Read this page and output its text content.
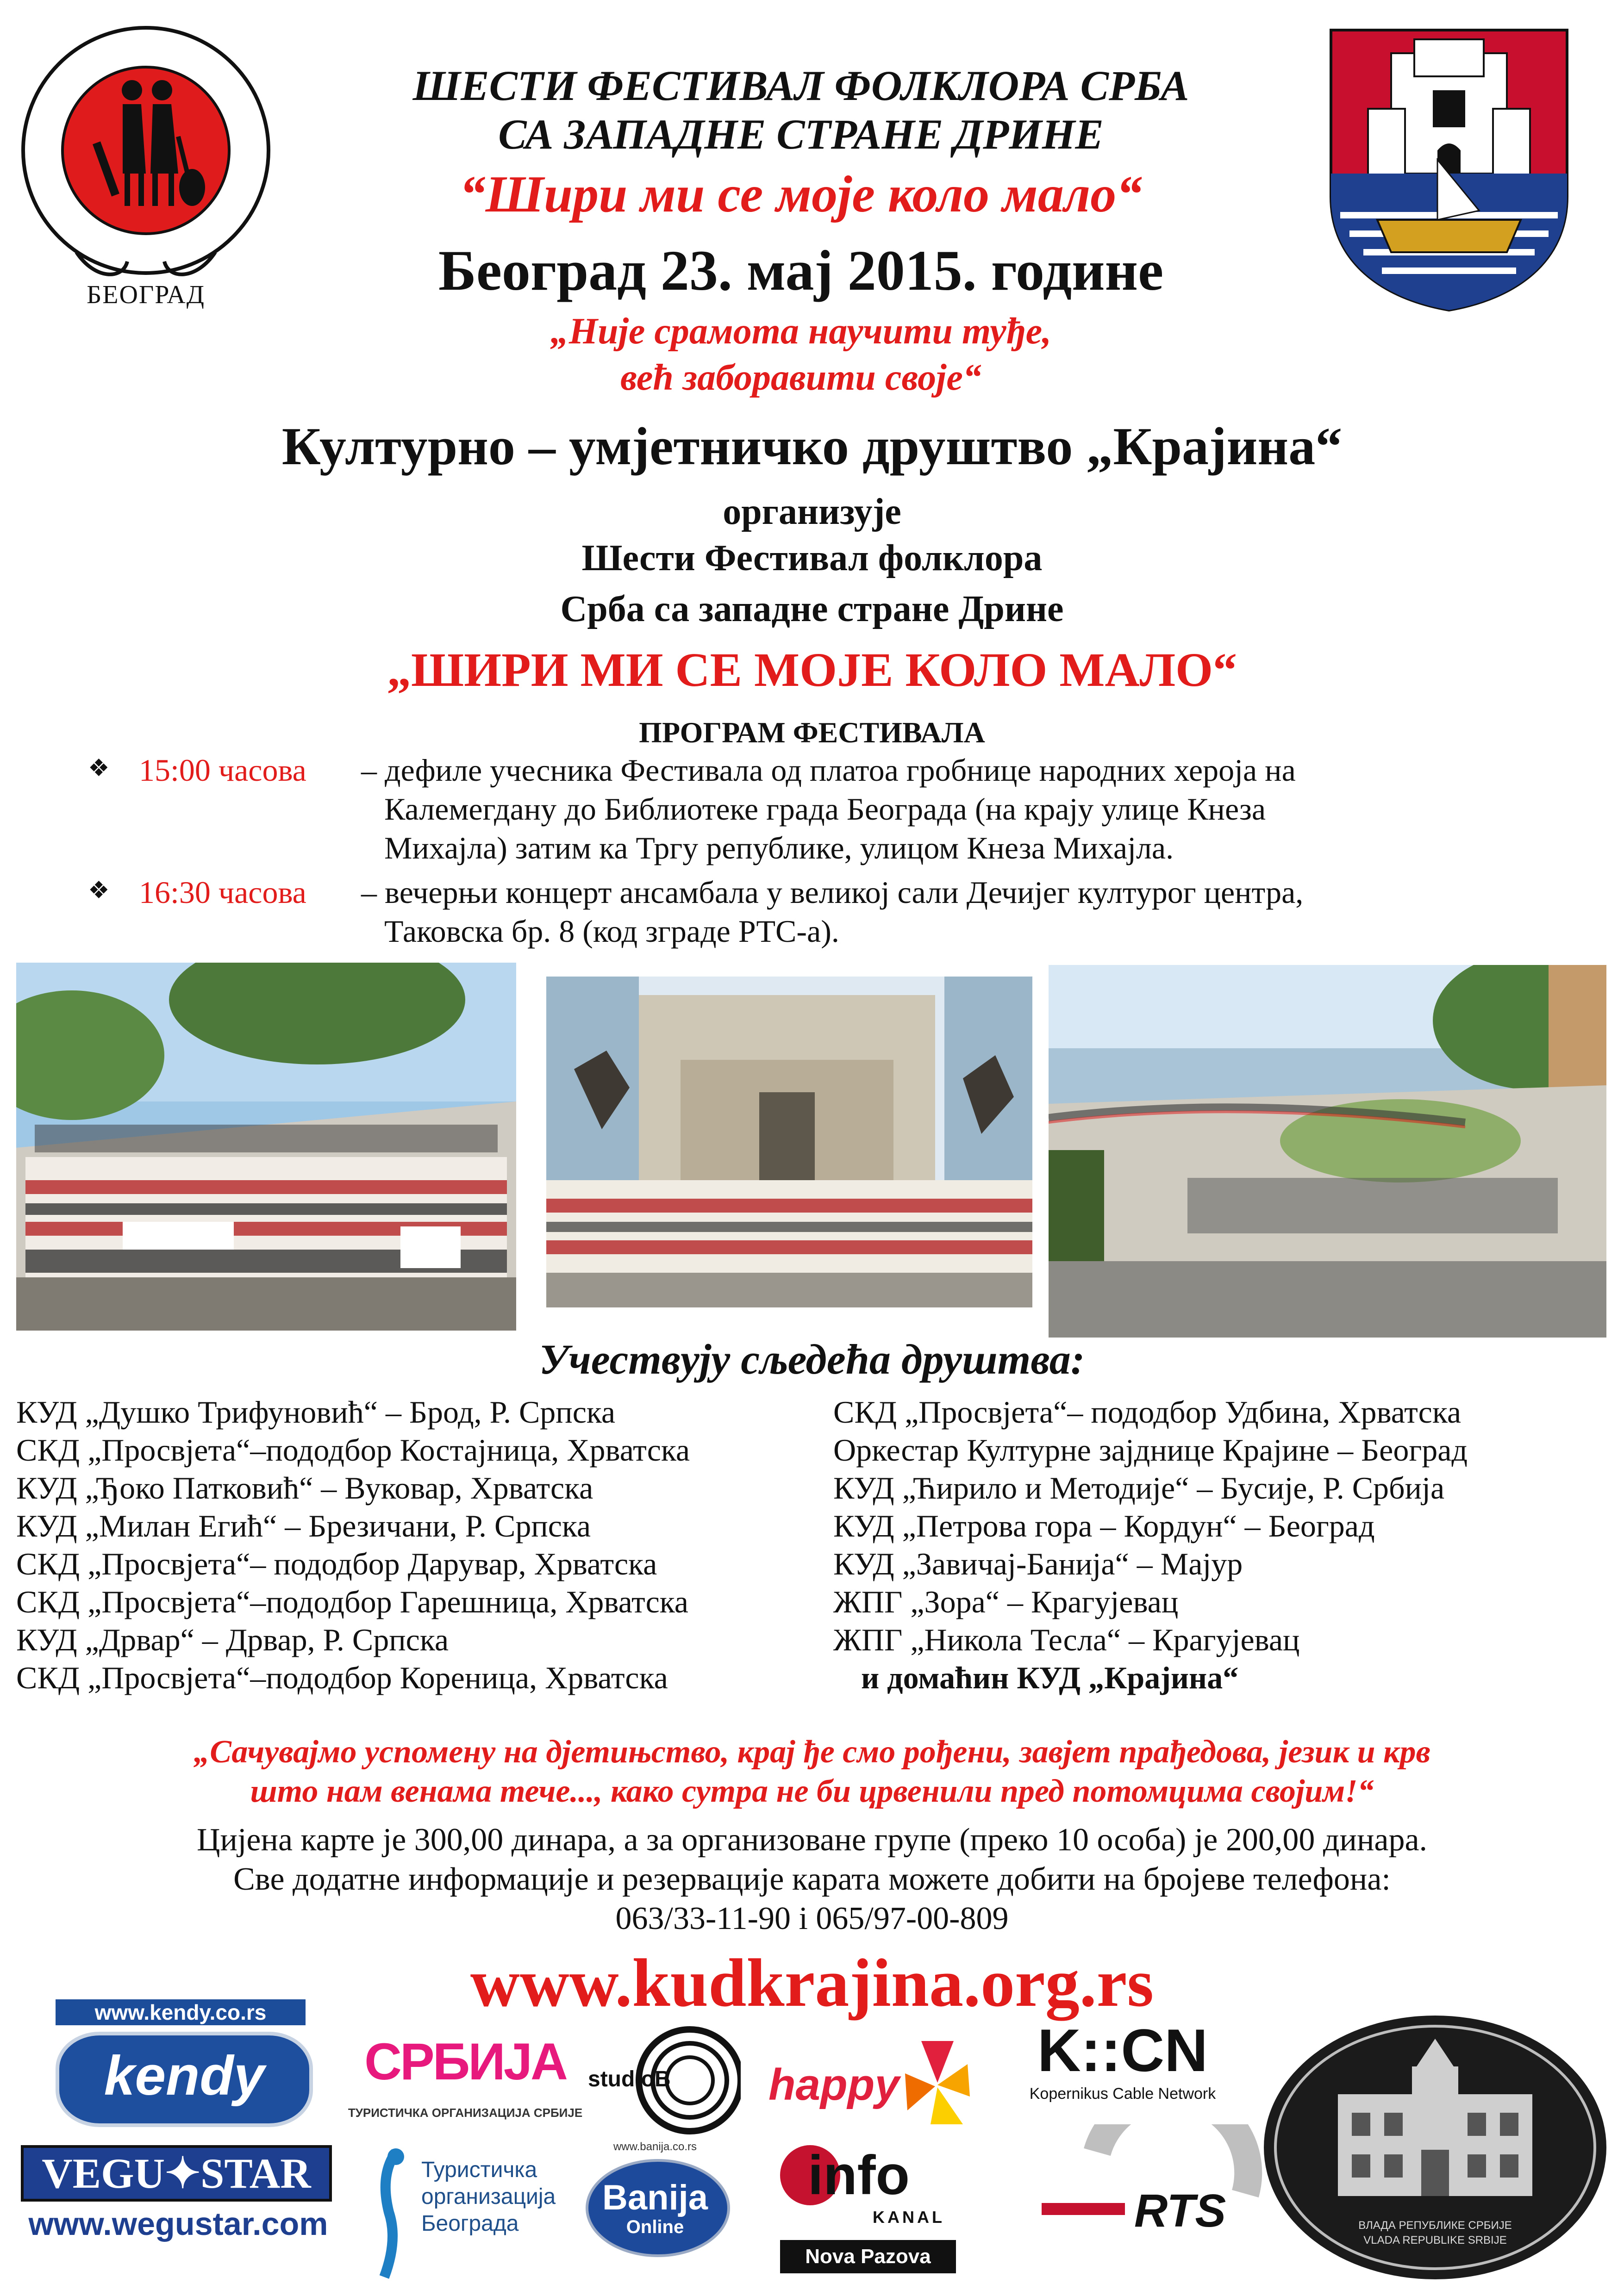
БЕОГРАД
ШЕСТИ ФЕСТИВАЛ ФОЛКЛОРА СРБА
СА ЗАПАДНЕ СТРАНЕ ДРИНЕ
“Шири ми се моје коло мало“
Београд 23. мај 2015. године
„Није срамота научити туђе,
већ заборавити своје“
Културно – умјетничко друштво „Крајина“
организује
Шести Фестивал фолклора
Срба са западне стране Дрине
„ШИРИ МИ СЕ МОЈЕ КОЛО МАЛО“
ПРОГРАМ ФЕСТИВАЛА
❖ 15:00 часова – дефиле учесника Фестивала од платоа гробнице народних хероја на
Калемегдану до Библиотеке града Београда (на крају улице Кнеза
Михајла) затим ка Тргу републике, улицом Кнеза Михајла.
❖ 16:30 часова – вечерњи концерт ансамбала у великој сали Дечијег културог центра,
Таковска бр. 8 (код зграде РТС-а).
Учествују сљедећа друштва:
КУД „Душко Трифуновић“ – Брод, Р. Српска
СКД „Просвјета“–пододбор Костајница, Хрватска
КУД „Ђоко Патковић“ – Вуковар, Хрватска
КУД „Милан Егић“ – Брезичани, Р. Српска
СКД „Просвјета“– пододбор Дарувар, Хрватска
СКД „Просвјета“–пододбор Гарешница, Хрватска
КУД „Дрвар“ – Дрвар, Р. Српска
СКД „Просвјета“–пододбор Кореница, Хрватска
СКД „Просвјета“– пододбор Удбина, Хрватска
Оркестар Културне зајднице Крајине – Београд
КУД „Ћирило и Методије“ – Бусије, Р. Србија
КУД „Петрова гора – Кордун“ – Београд
КУД „Завичај-Банија“ – Мајур
ЖПГ „Зора“ – Крагујевац
ЖПГ „Никола Тесла“ – Крагујевац
и домаћин КУД „Крајина“
„Сачувајмо успомену на дјетињство, крај ђе смо рођени, завјет прађедова, језик и крв
што нам венама тече..., како сутра не би црвенили пред потомцима својим!“
Цијена карте је 300,00 динара, а за организоване групе (преко 10 особа) је 200,00 динара.
Све додатне информације и резервације карата можете добити на бројеве телефона:
063/33-11-90 i 065/97-00-809
www.kudkrajina.org.rs
www.kendy.co.rs
kendy
VEGU✦STAR
www.wegustar.com
СРБИЈА
ТУРИСТИЧКА ОРГАНИЗАЦИЈА СРБИЈЕ
studioB happy
K::CN
Kopernikus Cable Network
ВЛАДА РЕПУБЛИКЕ СРБИЈЕ
VLADA REPUBLIKE SRBIJE
Туристичка
организација
Београда
www.banija.co.rs
Banija
Online
info
KANAL
Nova Pazova
RTS
